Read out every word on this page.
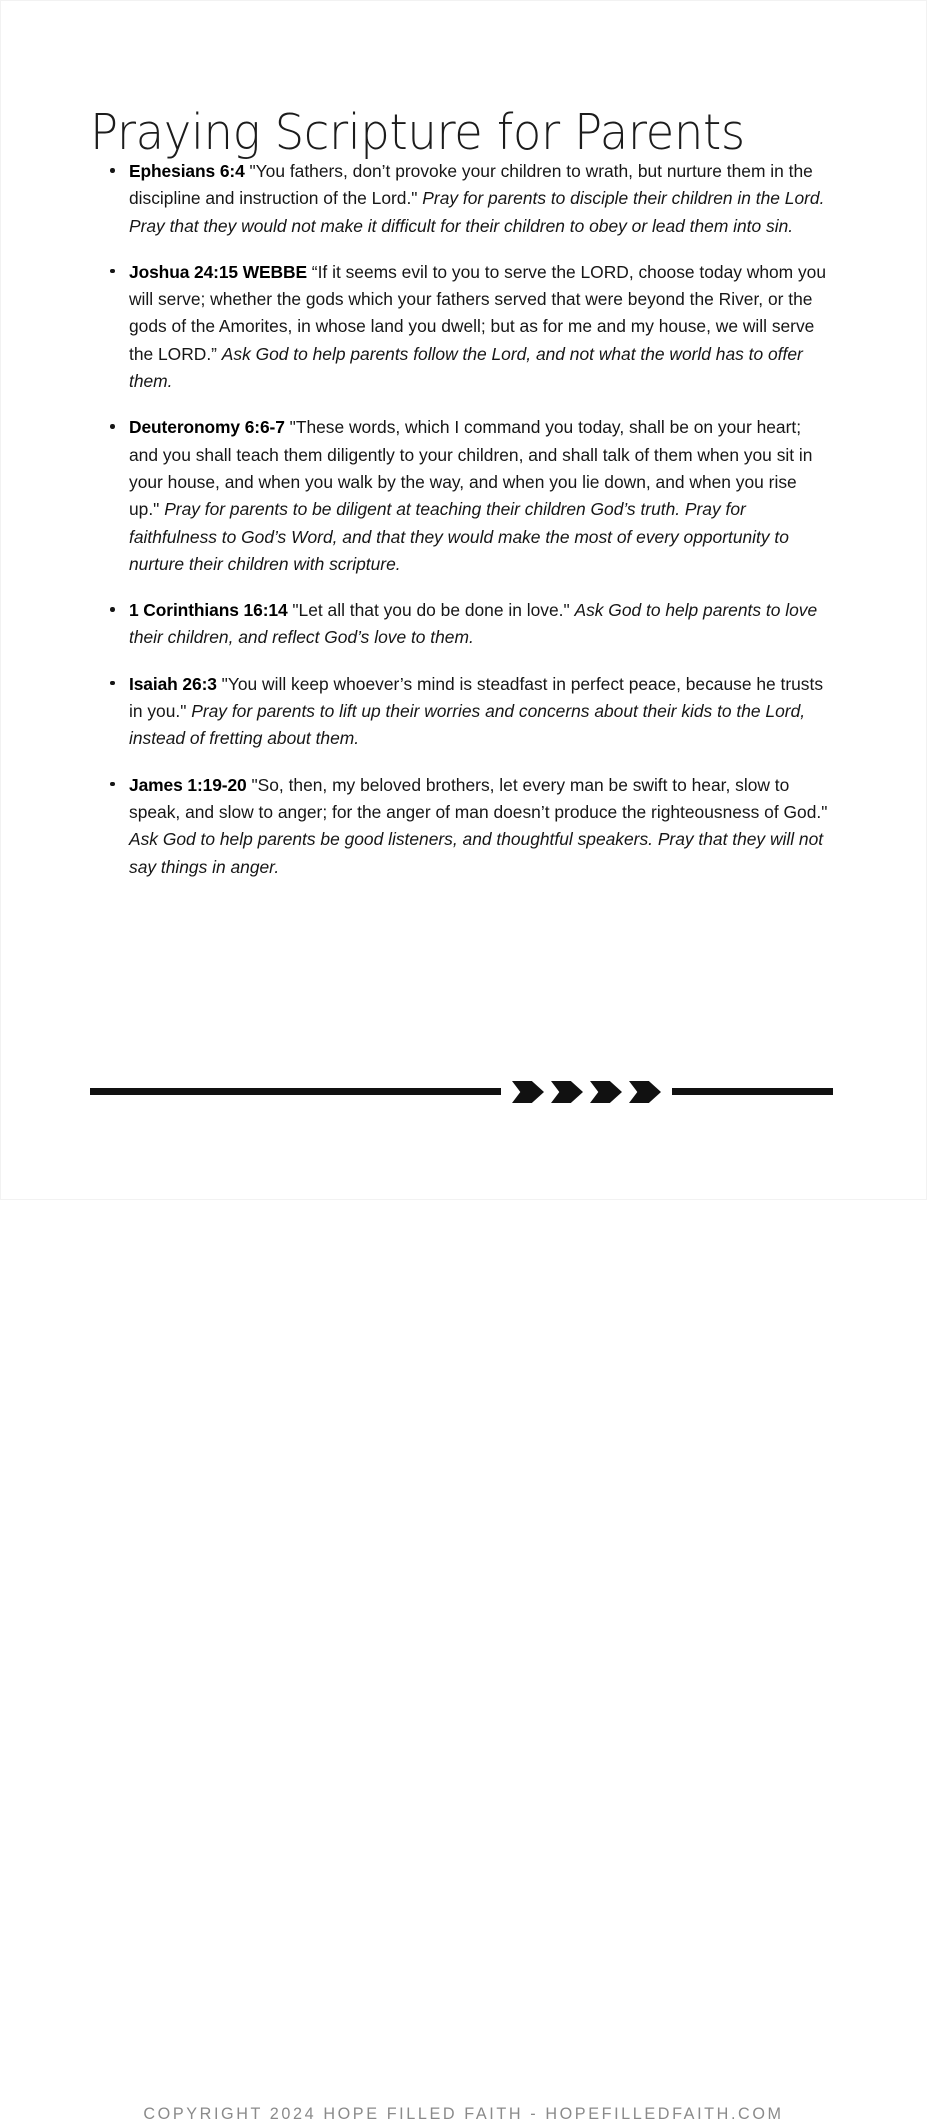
Praying Scripture for Parents
Ephesians 6:4 "You fathers, don’t provoke your children to wrath, but nurture them in the discipline and instruction of the Lord." Pray for parents to disciple their children in the Lord. Pray that they would not make it difficult for their children to obey or lead them into sin.
Joshua 24:15 WEBBE “If it seems evil to you to serve the LORD, choose today whom you will serve; whether the gods which your fathers served that were beyond the River, or the gods of the Amorites, in whose land you dwell; but as for me and my house, we will serve the LORD.” Ask God to help parents follow the Lord, and not what the world has to offer them.
Deuteronomy 6:6-7 "These words, which I command you today, shall be on your heart; and you shall teach them diligently to your children, and shall talk of them when you sit in your house, and when you walk by the way, and when you lie down, and when you rise up." Pray for parents to be diligent at teaching their children God’s truth. Pray for faithfulness to God’s Word, and that they would make the most of every opportunity to nurture their children with scripture.
1 Corinthians 16:14 "Let all that you do be done in love." Ask God to help parents to love their children, and reflect God’s love to them.
Isaiah 26:3 "You will keep whoever’s mind is steadfast in perfect peace, because he trusts in you." Pray for parents to lift up their worries and concerns about their kids to the Lord, instead of fretting about them.
James 1:19-20 "So, then, my beloved brothers, let every man be swift to hear, slow to speak, and slow to anger; for the anger of man doesn’t produce the righteousness of God." Ask God to help parents be good listeners, and thoughtful speakers. Pray that they will not say things in anger.
COPYRIGHT 2024 HOPE FILLED FAITH - HOPEFILLEDFAITH.COM
